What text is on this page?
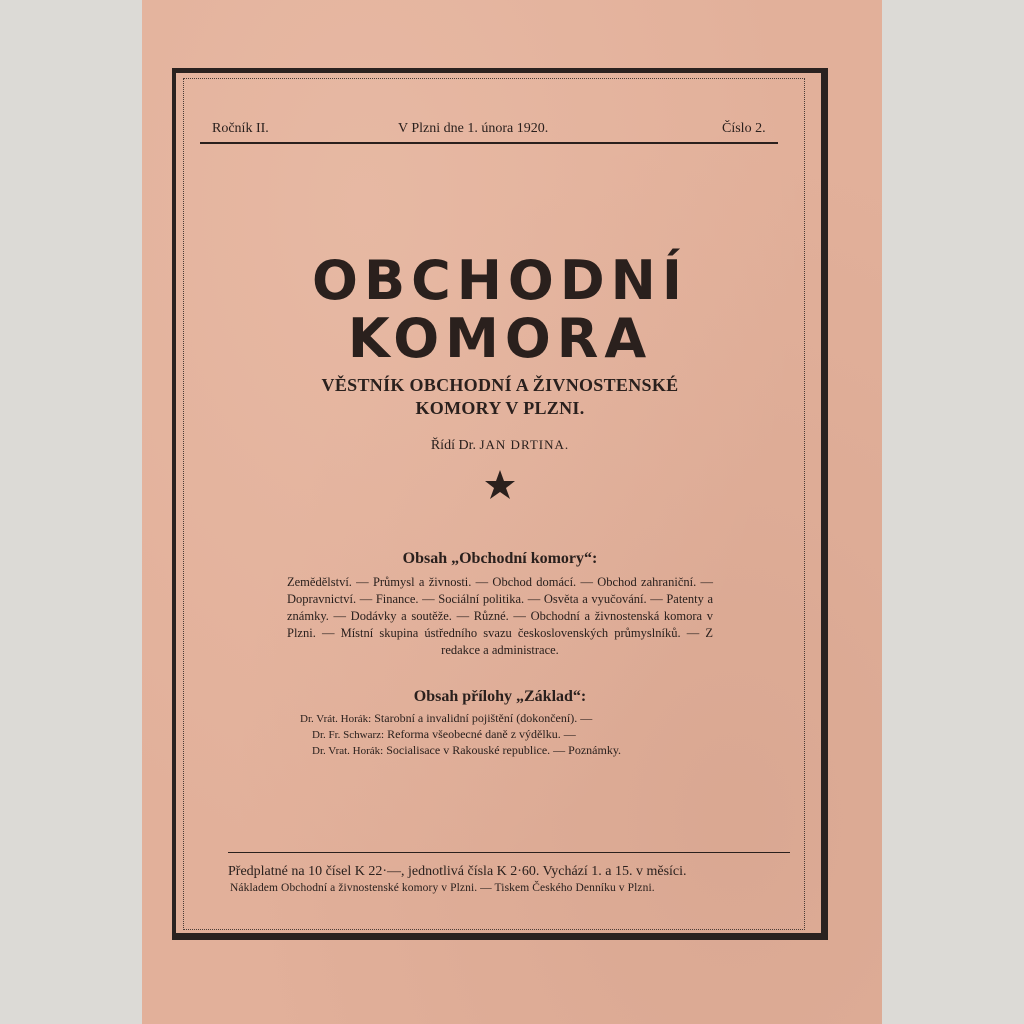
Ročník II.	V Plzni dne 1. února 1920.	Číslo 2.
OBCHODNÍ
KOMORA
VĚSTNÍK OBCHODNÍ A ŽIVNOSTENSKÉ
KOMORY V PLZNI.
Řídí Dr. JAN DRTINA.
Obsah „Obchodní komory“:
Zemědělství. — Průmysl a živnosti. — Obchod domácí. — Obchod zahraniční. — Dopravnictví. — Finance. — Sociální politika. — Osvěta a vyučování. — Patenty a známky. — Dodávky a soutěže. — Různé. — Obchodní a živnostenská komora v Plzni. — Místní skupina ústředního svazu československých průmyslníků. — Z redakce a administrace.
Obsah přílohy „Základ“:
Dr. Vrát. Horák: Starobní a invalidní pojištění (dokončení). —
Dr. Fr. Schwarz: Reforma všeobecné daně z výdělku. —
Dr. Vrat. Horák: Socialisace v Rakouské republice. — Poznámky.
Předplatné na 10 čísel K 22·—, jednotlivá čísla K 2·60. Vychází 1. a 15. v měsíci.
Nákladem Obchodní a živnostenské komory v Plzni. — Tiskem Českého Denníku v Plzni.
